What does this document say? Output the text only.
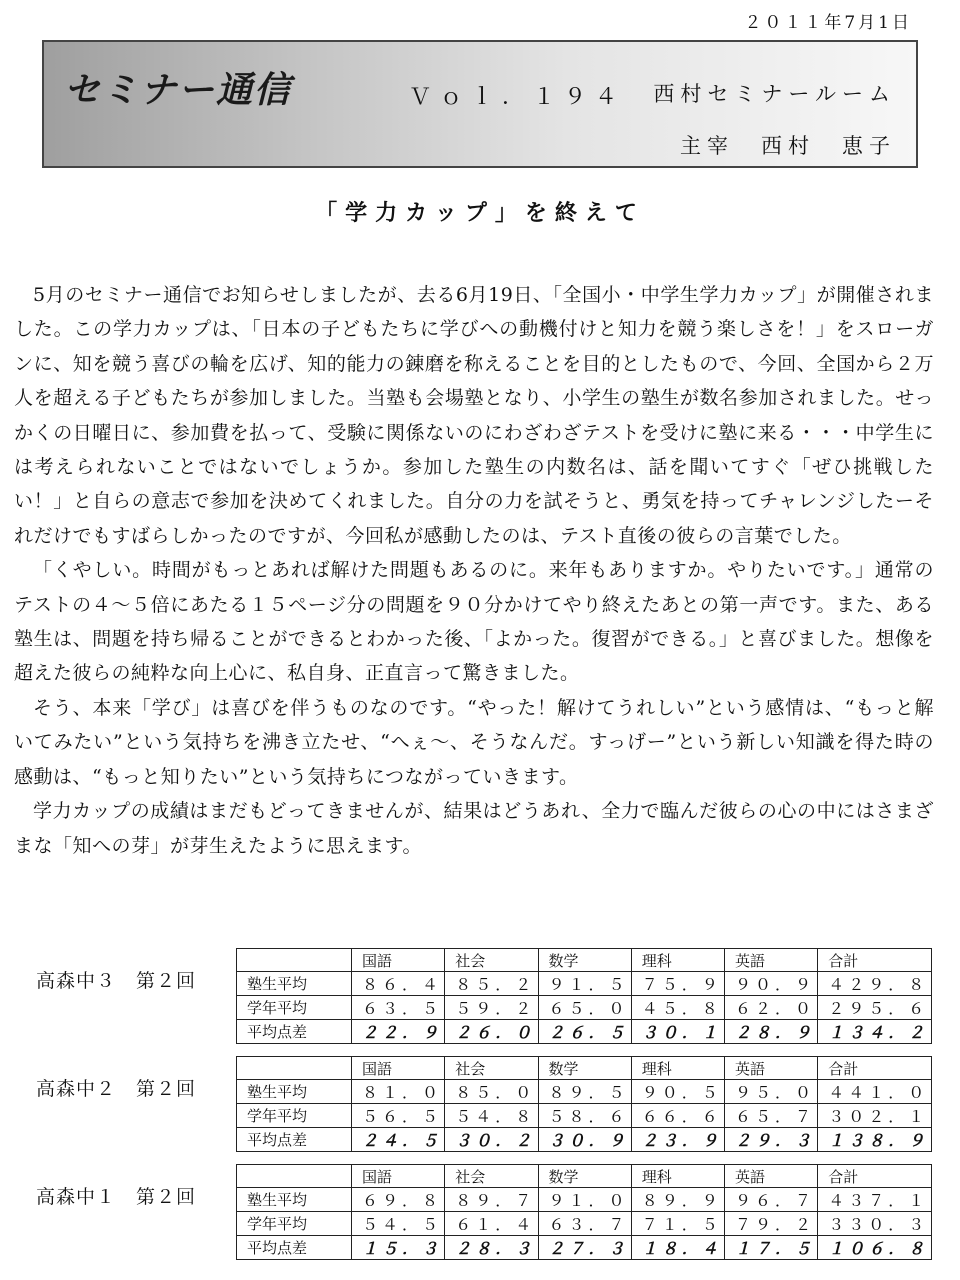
２０１１年7月1日
セミナー通信	Ｖｏｌ．１９４ 西村セミナールーム
主宰　西村　恵子
「学力カップ」を終えて

5月のセミナー通信でお知らせしましたが、去る6月19日、「全国小・中学生学力カップ」が開催されました。この学力カップは、「日本の子どもたちに学びへの動機付けと知力を競う楽しさを！」をスローガンに、知を競う喜びの輪を広げ、知的能力の錬磨を称えることを目的としたもので、今回、全国から２万人を超える子どもたちが参加しました。当塾も会場塾となり、小学生の塾生が数名参加されました。せっかくの日曜日に、参加費を払って、受験に関係ないのにわざわざテストを受けに塾に来る・・・中学生には考えられないことではないでしょうか。参加した塾生の内数名は、話を聞いてすぐ「ぜひ挑戦したい！」と自らの意志で参加を決めてくれました。自分の力を試そうと、勇気を持ってチャレンジしたーそれだけでもすばらしかったのですが、今回私が感動したのは、テスト直後の彼らの言葉でした。

「くやしい。時間がもっとあれば解けた問題もあるのに。来年もありますか。やりたいです。」通常のテストの４～５倍にあたる１５ページ分の問題を９０分かけてやり終えたあとの第一声です。また、ある塾生は、問題を持ち帰ることができるとわかった後、「よかった。復習ができる。」と喜びました。想像を超えた彼らの純粋な向上心に、私自身、正直言って驚きました。

そう、本来「学び」は喜びを伴うものなのです。“やった！解けてうれしい”という感情は、“もっと解いてみたい”という気持ちを沸き立たせ、“へぇ～、そうなんだ。すっげー”という新しい知識を得た時の感動は、“もっと知りたい”という気持ちにつながっていきます。

学力カップの成績はまだもどってきませんが、結果はどうあれ、全力で臨んだ彼らの心の中にはさまざまな「知への芽」が芽生えたように思えます。

高森中３　第２回
	国語	社会	数学	理科	英語	合計
塾生平均	８６．４	８５．２	９１．５	７５．９	９０．９	４２９．８
学年平均	６３．５	５９．２	６５．０	４５．８	６２．０	２９５．６
平均点差	２２．９	２６．０	２６．５	３０．１	２８．９	１３４．２
高森中２　第２回
	国語	社会	数学	理科	英語	合計
塾生平均	８１．０	８５．０	８９．５	９０．５	９５．０	４４１．０
学年平均	５６．５	５４．８	５８．６	６６．６	６５．７	３０２．１
平均点差	２４．５	３０．２	３０．９	２３．９	２９．３	１３８．９
高森中１　第２回
	国語	社会	数学	理科	英語	合計
塾生平均	６９．８	８９．７	９１．０	８９．９	９６．７	４３７．１
学年平均	５４．５	６１．４	６３．７	７１．５	７９．２	３３０．３
平均点差	１５．３	２８．３	２７．３	１８．４	１７．５	１０６．８
